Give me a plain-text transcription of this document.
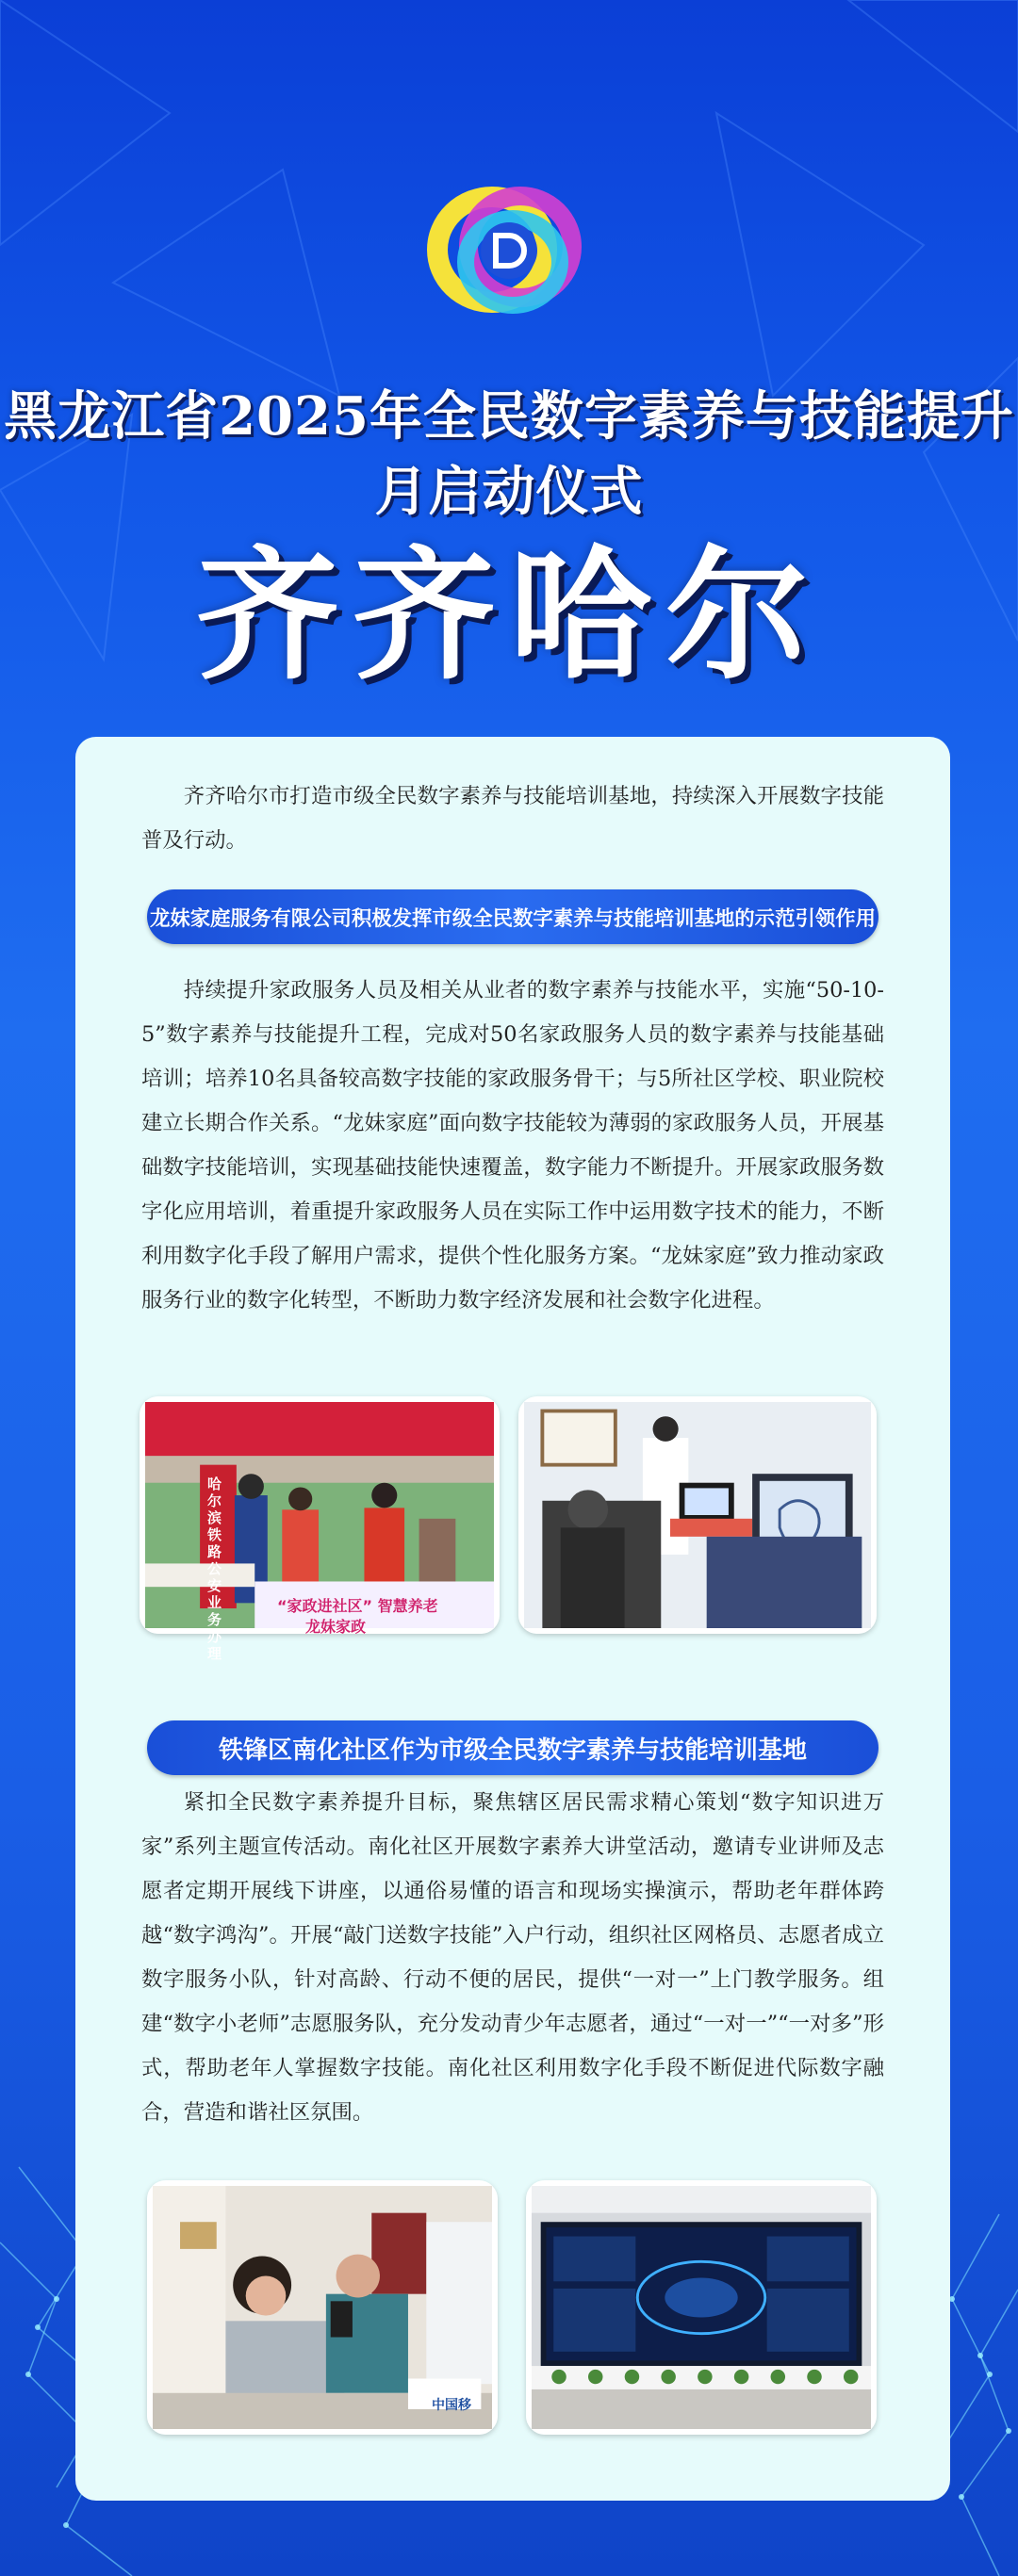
黑龙江省2025年全民数字素养与技能提升月启动仪式
齐齐哈尔

齐齐哈尔市打造市级全民数字素养与技能培训基地，持续深入开展数字技能普及行动。

龙妹家庭服务有限公司积极发挥市级全民数字素养与技能培训基地的示范引领作用

持续提升家政服务人员及相关从业者的数字素养与技能水平，实施“50-10-5”数字素养与技能提升工程，完成对50名家政服务人员的数字素养与技能基础培训；培养10名具备较高数字技能的家政服务骨干；与5所社区学校、职业院校建立长期合作关系。“龙妹家庭”面向数字技能较为薄弱的家政服务人员，开展基础数字技能培训，实现基础技能快速覆盖，数字能力不断提升。开展家政服务数字化应用培训，着重提升家政服务人员在实际工作中运用数字技术的能力，不断利用数字化手段了解用户需求，提供个性化服务方案。“龙妹家庭”致力推动家政服务行业的数字化转型，不断助力数字经济发展和社会数字化进程。

哈尔滨铁路公安 业务办理
“家政进社区” 智慧养老
龙妹家政
铁锋区南化社区作为市级全民数字素养与技能培训基地

紧扣全民数字素养提升目标，聚焦辖区居民需求精心策划“数字知识进万家”系列主题宣传活动。南化社区开展数字素养大讲堂活动，邀请专业讲师及志愿者定期开展线下讲座，以通俗易懂的语言和现场实操演示，帮助老年群体跨越“数字鸿沟”。开展“敲门送数字技能”入户行动，组织社区网格员、志愿者成立数字服务小队，针对高龄、行动不便的居民，提供“一对一”上门教学服务。组建“数字小老师”志愿服务队，充分发动青少年志愿者，通过“一对一”“一对多”形式，帮助老年人掌握数字技能。南化社区利用数字化手段不断促进代际数字融合，营造和谐社区氛围。

中国移
